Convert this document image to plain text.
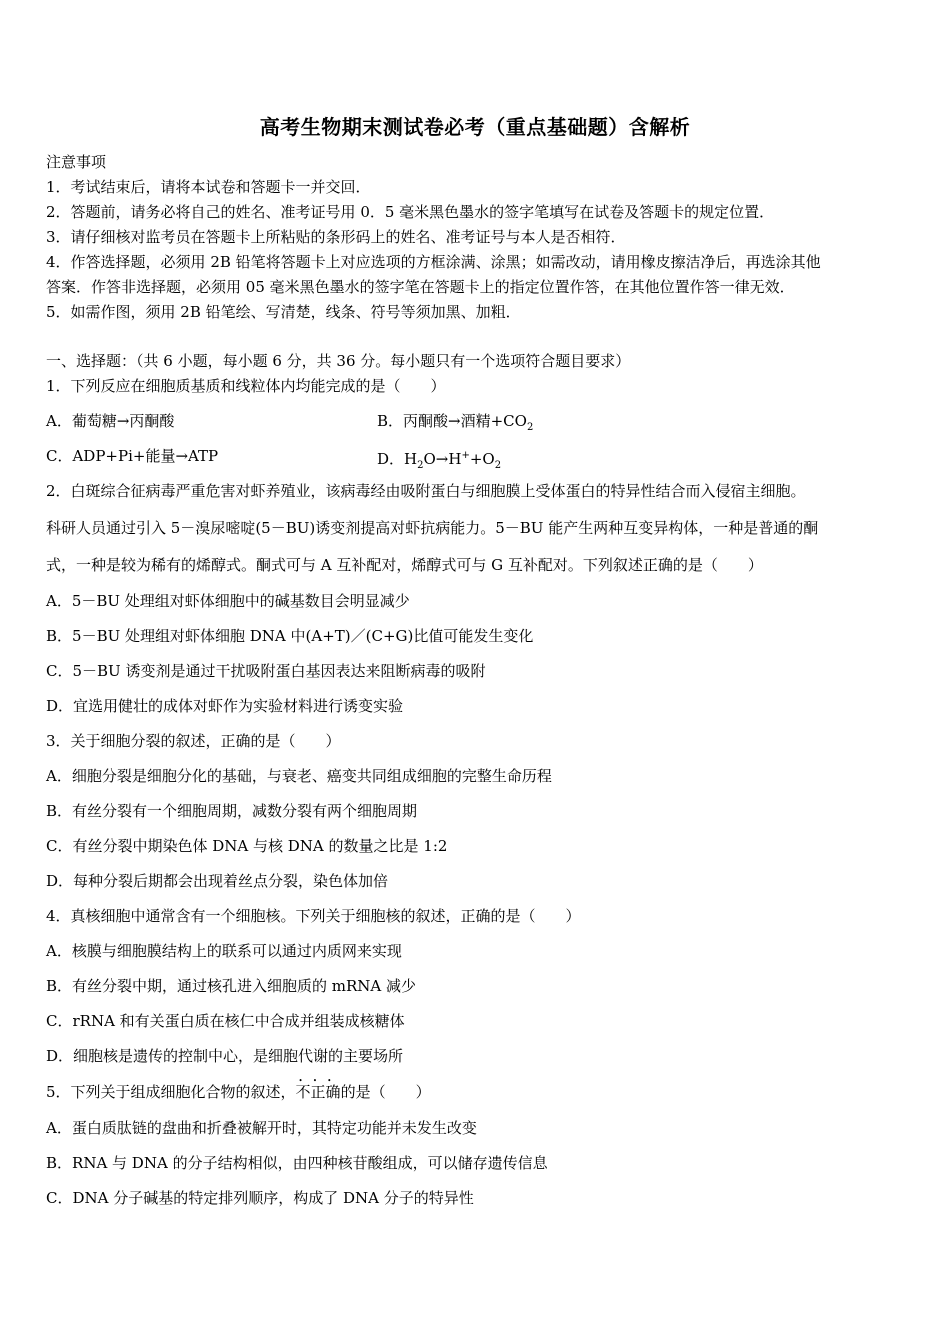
高考生物期末测试卷必考（重点基础题）含解析
注意事项
1．考试结束后，请将本试卷和答题卡一并交回．
2．答题前，请务必将自己的姓名、准考证号用 0．5 毫米黑色墨水的签字笔填写在试卷及答题卡的规定位置．
3．请仔细核对监考员在答题卡上所粘贴的条形码上的姓名、准考证号与本人是否相符．
4．作答选择题，必须用 2B 铅笔将答题卡上对应选项的方框涂满、涂黑；如需改动，请用橡皮擦洁净后，再选涂其他
答案．作答非选择题，必须用 05 毫米黑色墨水的签字笔在答题卡上的指定位置作答，在其他位置作答一律无效．
5．如需作图，须用 2B 铅笔绘、写清楚，线条、符号等须加黑、加粗．
一、选择题：（共 6 小题，每小题 6 分，共 36 分。每小题只有一个选项符合题目要求）
1．下列反应在细胞质基质和线粒体内均能完成的是（　　）
A．葡萄糖→丙酮酸	B．丙酮酸→酒精$+CO_2$
C．ADP+Pi+能量→ATP	D．$H_2O\to H^++O_2$
2．白斑综合征病毒严重危害对虾养殖业，该病毒经由吸附蛋白与细胞膜上受体蛋白的特异性结合而入侵宿主细胞。
科研人员通过引入 5－溴尿嘧啶(5－BU)诱变剂提高对虾抗病能力。5－BU 能产生两种互变异构体，一种是普通的酮
式，一种是较为稀有的烯醇式。酮式可与 A 互补配对，烯醇式可与 G 互补配对。下列叙述正确的是（　　）
A．5－BU 处理组对虾体细胞中的碱基数目会明显减少
B．5－BU 处理组对虾体细胞 DNA 中(A+T)／(C+G)比值可能发生变化
C．5－BU 诱变剂是通过干扰吸附蛋白基因表达来阻断病毒的吸附
D．宜选用健壮的成体对虾作为实验材料进行诱变实验
3．关于细胞分裂的叙述，正确的是（　　）
A．细胞分裂是细胞分化的基础，与衰老、癌变共同组成细胞的完整生命历程
B．有丝分裂有一个细胞周期，减数分裂有两个细胞周期
C．有丝分裂中期染色体 DNA 与核 DNA 的数量之比是 1:2
D．每种分裂后期都会出现着丝点分裂，染色体加倍
4．真核细胞中通常含有一个细胞核。下列关于细胞核的叙述，正确的是（　　）
A．核膜与细胞膜结构上的联系可以通过内质网来实现
B．有丝分裂中期，通过核孔进入细胞质的 mRNA 减少
C．rRNA 和有关蛋白质在核仁中合成并组装成核糖体
D．细胞核是遗传的控制中心，是细胞代谢的主要场所
5．下列关于组成细胞化合物的叙述，• • • 不正确的是（　　）
A．蛋白质肽链的盘曲和折叠被解开时，其特定功能并未发生改变
B．RNA 与 DNA 的分子结构相似，由四种核苷酸组成，可以储存遗传信息
C．DNA 分子碱基的特定排列顺序，构成了 DNA 分子的特异性
